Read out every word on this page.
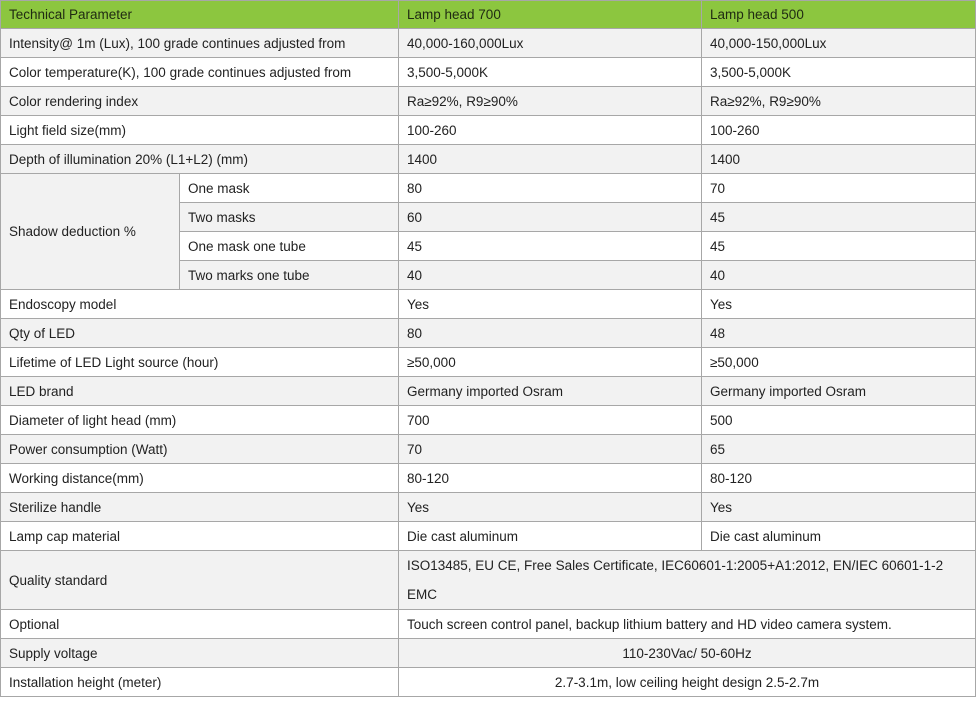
Technical Parameter		Lamp head 700	Lamp head 500
Intensity@ 1m (Lux), 100 grade continues adjusted from		40,000-160,000Lux	40,000-150,000Lux
Color temperature(K), 100 grade continues adjusted from		3,500-5,000K	3,500-5,000K
Color rendering index		Ra≥92%, R9≥90%	Ra≥92%, R9≥90%
Light field size(mm)		100-260	100-260
Depth of illumination 20% (L1+L2) (mm)		1400	1400
Shadow deduction %	One mask	80	70
	Two masks	60	45
	One mask one tube	45	45
	Two marks one tube	40	40
Endoscopy model		Yes	Yes
Qty of LED		80	48
Lifetime of LED Light source (hour)		≥50,000	≥50,000
LED brand		Germany imported Osram	Germany imported Osram
Diameter of light head (mm)		700	500
Power consumption (Watt)		70	65
Working distance(mm)		80-120	80-120
Sterilize handle		Yes	Yes
Lamp cap material		Die cast aluminum	Die cast aluminum
Quality standard		ISO13485, EU CE, Free Sales Certificate, IEC60601-1:2005+A1:2012, EN/IEC 60601-1-2 EMC	
Optional		Touch screen control panel, backup lithium battery and HD video camera system.	
Supply voltage		110-230Vac/ 50-60Hz	
Installation height (meter)		2.7-3.1m, low ceiling height design 2.5-2.7m	
